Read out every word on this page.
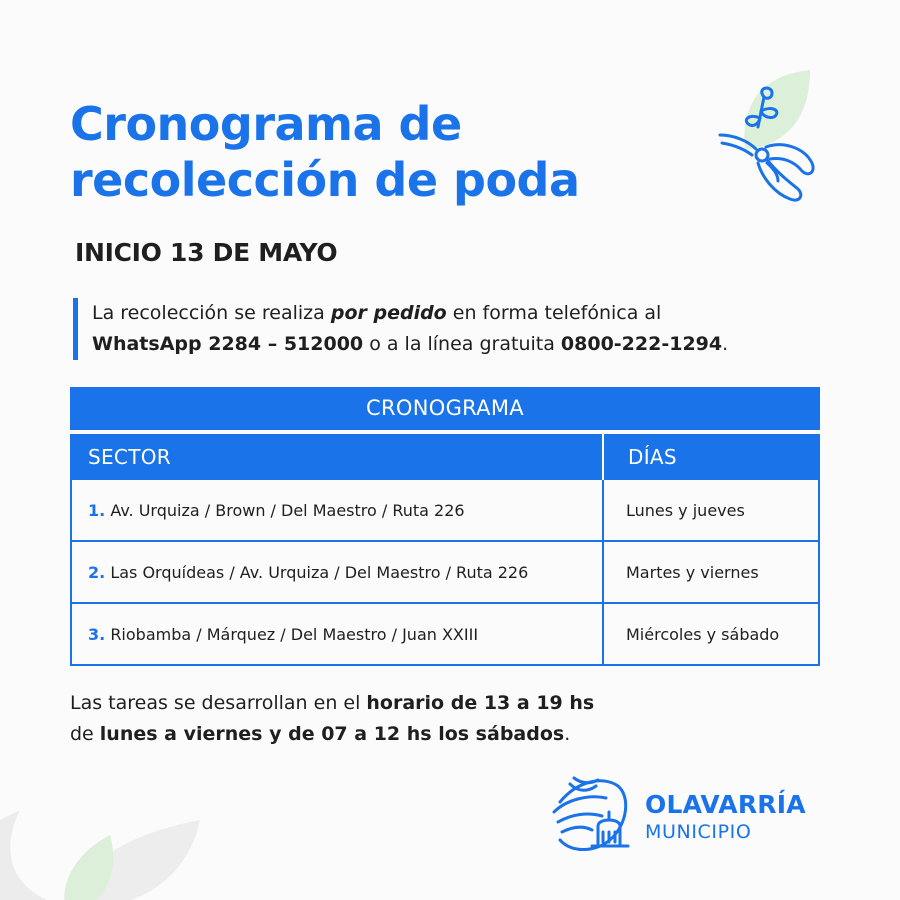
Cronograma de
recolección de poda
INICIO 13 DE MAYO
La recolección se realiza por pedido en forma telefónica al
WhatsApp 2284 – 512000 o a la línea gratuita 0800-222-1294.
CRONOGRAMA
SECTOR	DÍAS
1. Av. Urquiza / Brown / Del Maestro / Ruta 226	Lunes y jueves
2. Las Orquídeas / Av. Urquiza / Del Maestro / Ruta 226	Martes y viernes
3. Riobamba / Márquez / Del Maestro / Juan XXIII	Miércoles y sábado
Las tareas se desarrollan en el horario de 13 a 19 hs
de lunes a viernes y de 07 a 12 hs los sábados.
OLAVARRÍA
MUNICIPIO
